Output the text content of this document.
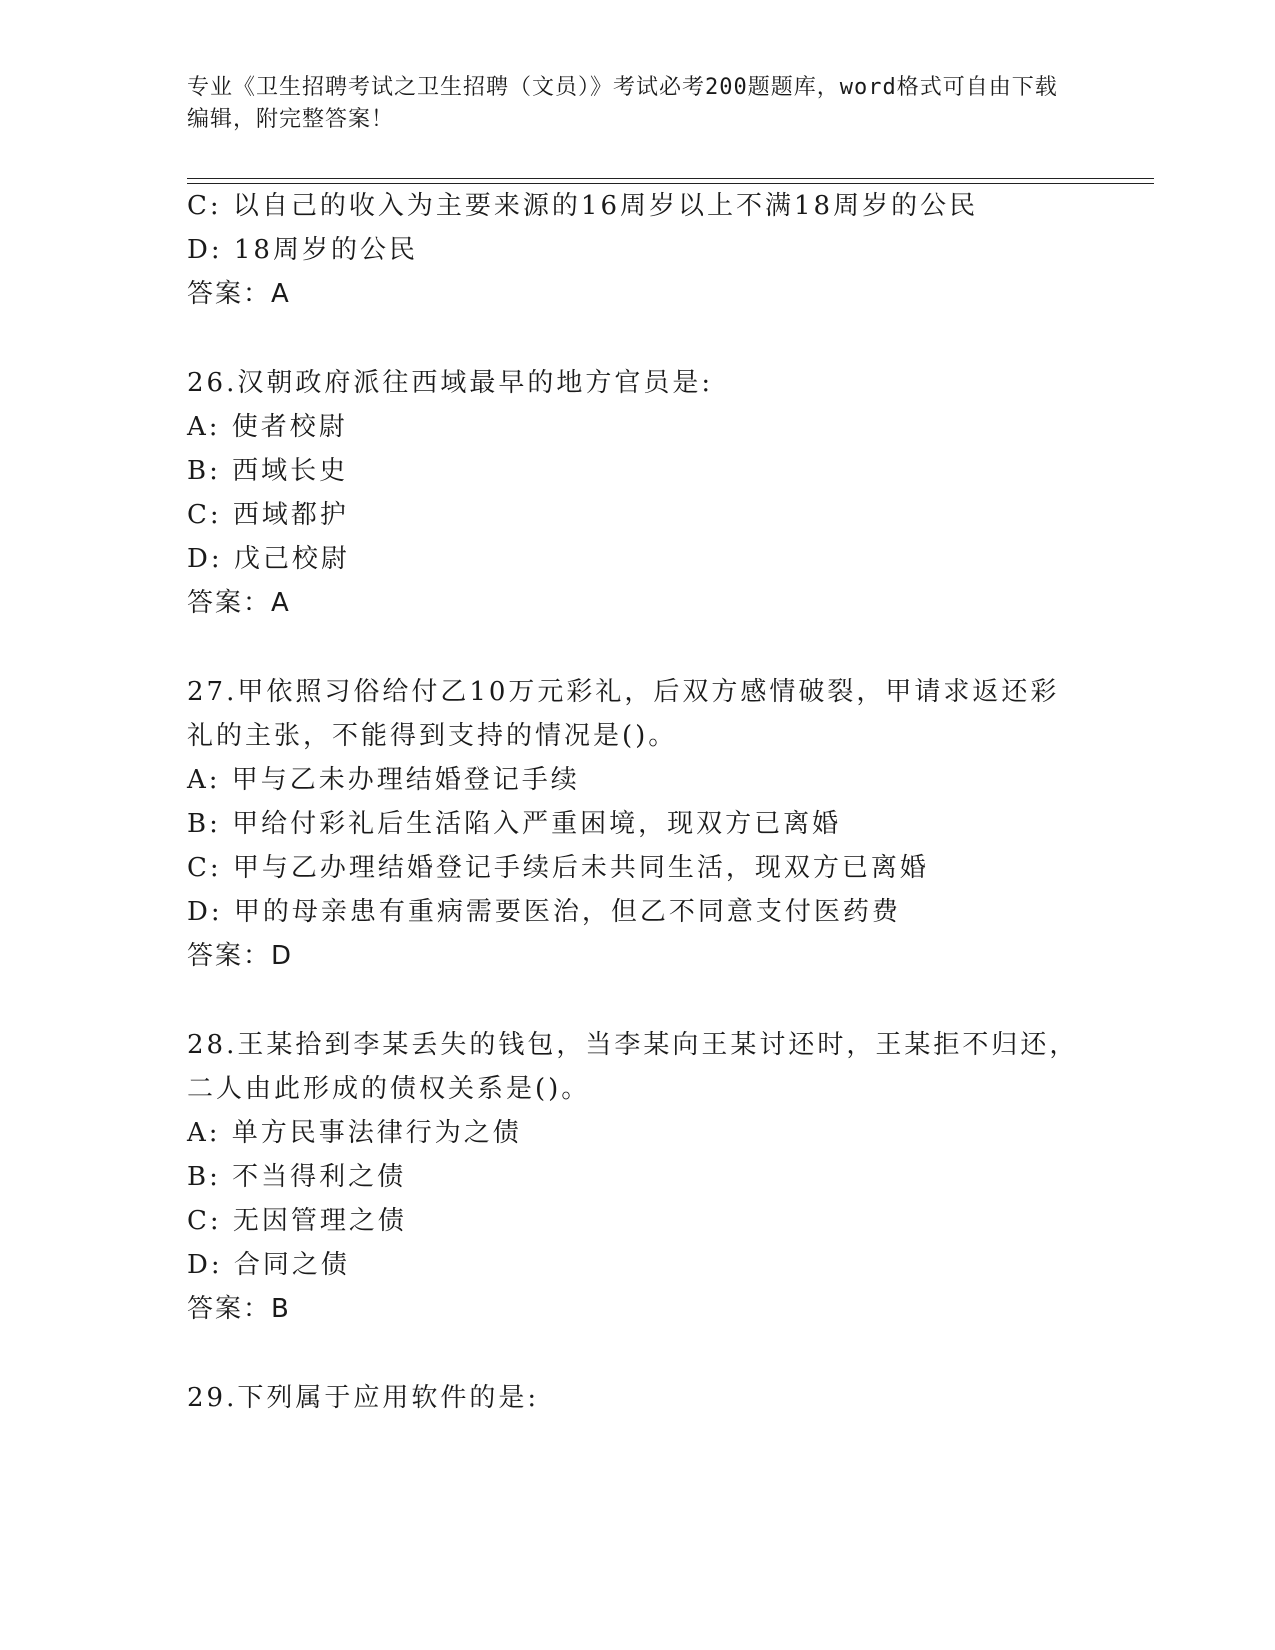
专业《卫生招聘考试之卫生招聘（文员）》考试必考200题题库，word格式可自由下载编辑，附完整答案！
C: 以自己的收入为主要来源的16周岁以上不满18周岁的公民
D: 18周岁的公民
答案：A
26.汉朝政府派往西域最早的地方官员是:
A: 使者校尉
B: 西域长史
C: 西域都护
D: 戊己校尉
答案：A
27.甲依照习俗给付乙10万元彩礼，后双方感情破裂，甲请求返还彩
礼的主张，不能得到支持的情况是()。
A: 甲与乙未办理结婚登记手续
B: 甲给付彩礼后生活陷入严重困境，现双方已离婚
C: 甲与乙办理结婚登记手续后未共同生活，现双方已离婚
D: 甲的母亲患有重病需要医治，但乙不同意支付医药费
答案：D
28.王某拾到李某丢失的钱包，当李某向王某讨还时，王某拒不归还，
二人由此形成的债权关系是()。
A: 单方民事法律行为之债
B: 不当得利之债
C: 无因管理之债
D: 合同之债
答案：B
29.下列属于应用软件的是:
